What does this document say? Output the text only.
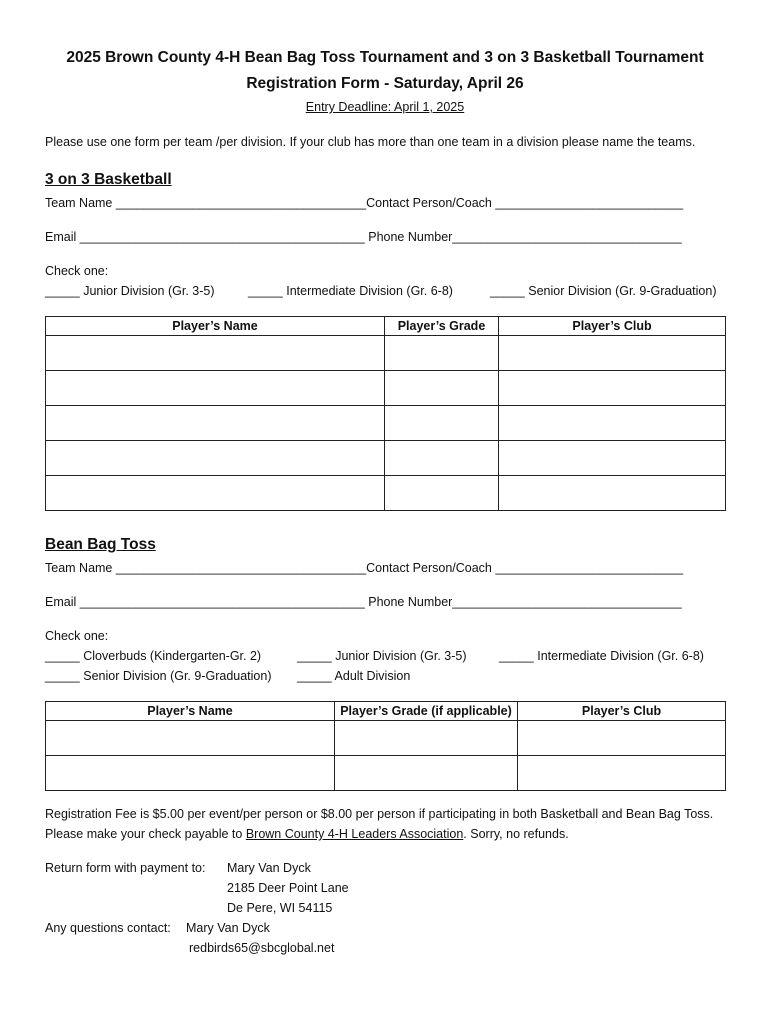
2025 Brown County 4-H Bean Bag Toss Tournament and 3 on 3 Basketball Tournament
Registration Form - Saturday, April 26
Entry Deadline: April 1, 2025
Please use one form per team /per division. If your club has more than one team in a division please name the teams.
3 on 3 Basketball
Team Name ____________________________________Contact Person/Coach ___________________________
Email _________________________________________ Phone Number_________________________________
Check one:
_____ Junior Division (Gr. 3-5)	_____ Intermediate Division (Gr. 6-8)	_____ Senior Division (Gr. 9-Graduation)
Player’s Name	Player’s Grade	Player’s Club

Bean Bag Toss
Team Name ____________________________________Contact Person/Coach ___________________________
Email _________________________________________ Phone Number_________________________________
Check one:
_____ Cloverbuds (Kindergarten-Gr. 2)	_____ Junior Division (Gr. 3-5)	_____ Intermediate Division (Gr. 6-8)
_____ Senior Division (Gr. 9-Graduation) _____ Adult Division
Player’s Name	Player’s Grade (if applicable)	Player’s Club

Registration Fee is $5.00 per event/per person or $8.00 per person if participating in both Basketball and Bean Bag Toss.
Please make your check payable to Brown County 4-H Leaders Association. Sorry, no refunds.
Return form with payment to: Mary Van Dyck
2185 Deer Point Lane
De Pere, WI 54115
Any questions contact: Mary Van Dyck
redbirds65@sbcglobal.net
